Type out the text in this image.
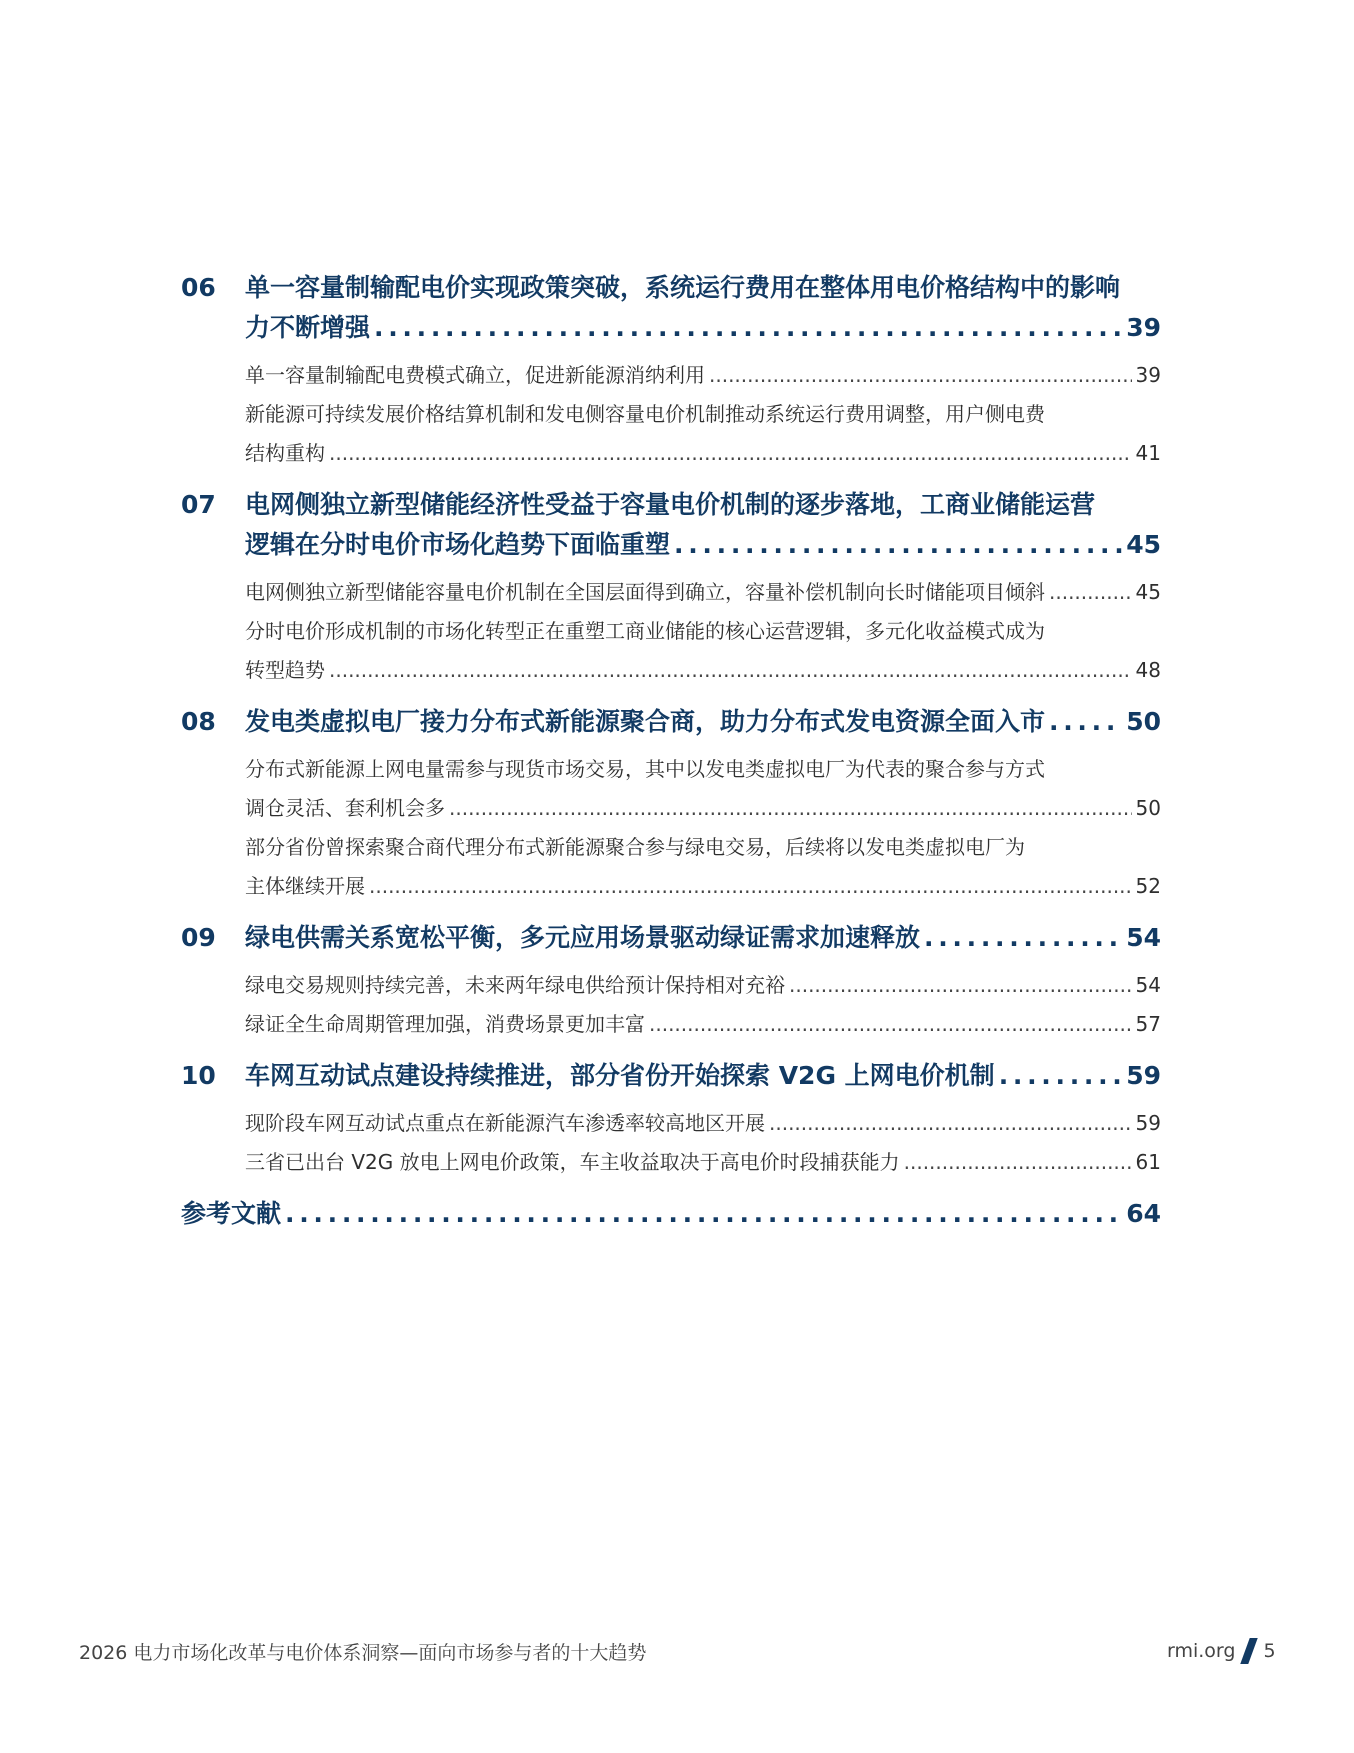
06	单一容量制输配电价实现政策突破，系统运行费用在整体用电价格结构中的影响
力不断增强 . . .	39
单一容量制输配电费模式确立，促进新能源消纳利用 .....	39
新能源可持续发展价格结算机制和发电侧容量电价机制推动系统运行费用调整，用户侧电费
结构重构 .....	41
07	电网侧独立新型储能经济性受益于容量电价机制的逐步落地，工商业储能运营
逻辑在分时电价市场化趋势下面临重塑 . . .	45
电网侧独立新型储能容量电价机制在全国层面得到确立，容量补偿机制向长时储能项目倾斜 .....	45
分时电价形成机制的市场化转型正在重塑工商业储能的核心运营逻辑，多元化收益模式成为
转型趋势 .....	48
08	发电类虚拟电厂接力分布式新能源聚合商，助力分布式发电资源全面入市 . . .	50
分布式新能源上网电量需参与现货市场交易，其中以发电类虚拟电厂为代表的聚合参与方式
调仓灵活、套利机会多 .....	50
部分省份曾探索聚合商代理分布式新能源聚合参与绿电交易，后续将以发电类虚拟电厂为
主体继续开展 .....	52
09	绿电供需关系宽松平衡，多元应用场景驱动绿证需求加速释放 . . .	54
绿电交易规则持续完善，未来两年绿电供给预计保持相对充裕 .....	54
绿证全生命周期管理加强，消费场景更加丰富 .....	57
10	车网互动试点建设持续推进，部分省份开始探索 V2G 上网电价机制 . . .	59
现阶段车网互动试点重点在新能源汽车渗透率较高地区开展 .....	59
三省已出台 V2G 放电上网电价政策，车主收益取决于高电价时段捕获能力 .....	61
参考文献 . . .	64
2026 电力市场化改革与电价体系洞察—面向市场参与者的十大趋势	rmi.org 5
